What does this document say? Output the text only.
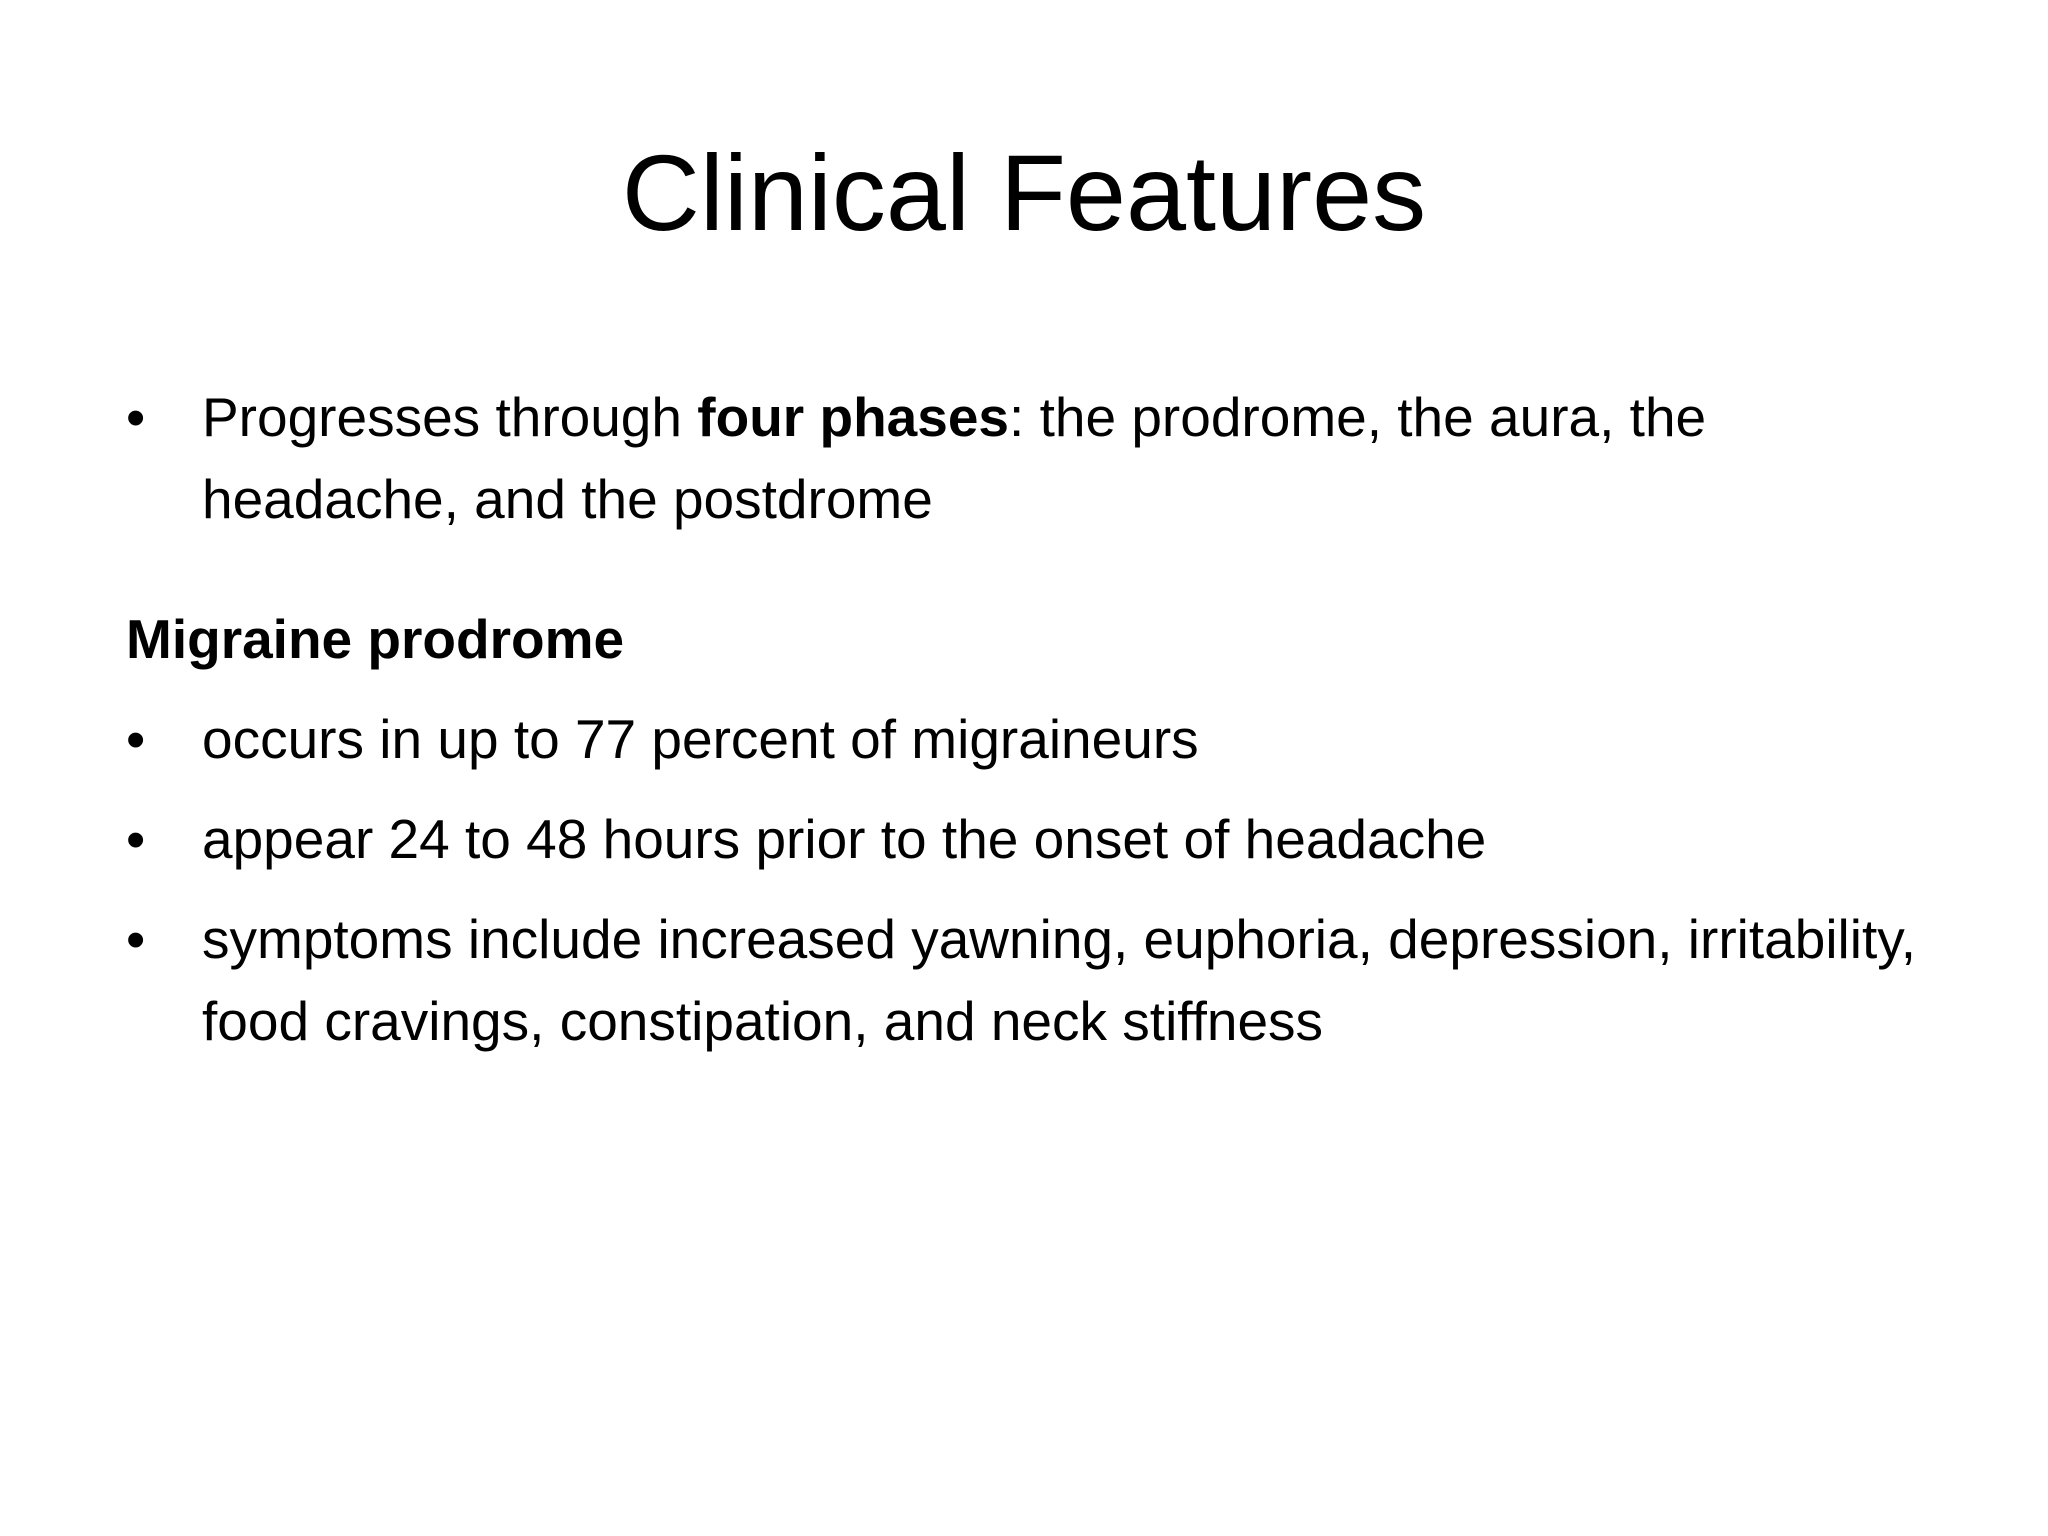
Clinical Features
•	Progresses through four phases: the prodrome, the aura, the headache, and the postdrome
Migraine prodrome
•	occurs in up to 77 percent of migraineurs
•	appear 24 to 48 hours prior to the onset of headache
•	symptoms include increased yawning, euphoria, depression, irritability, food cravings, constipation, and neck stiffness
